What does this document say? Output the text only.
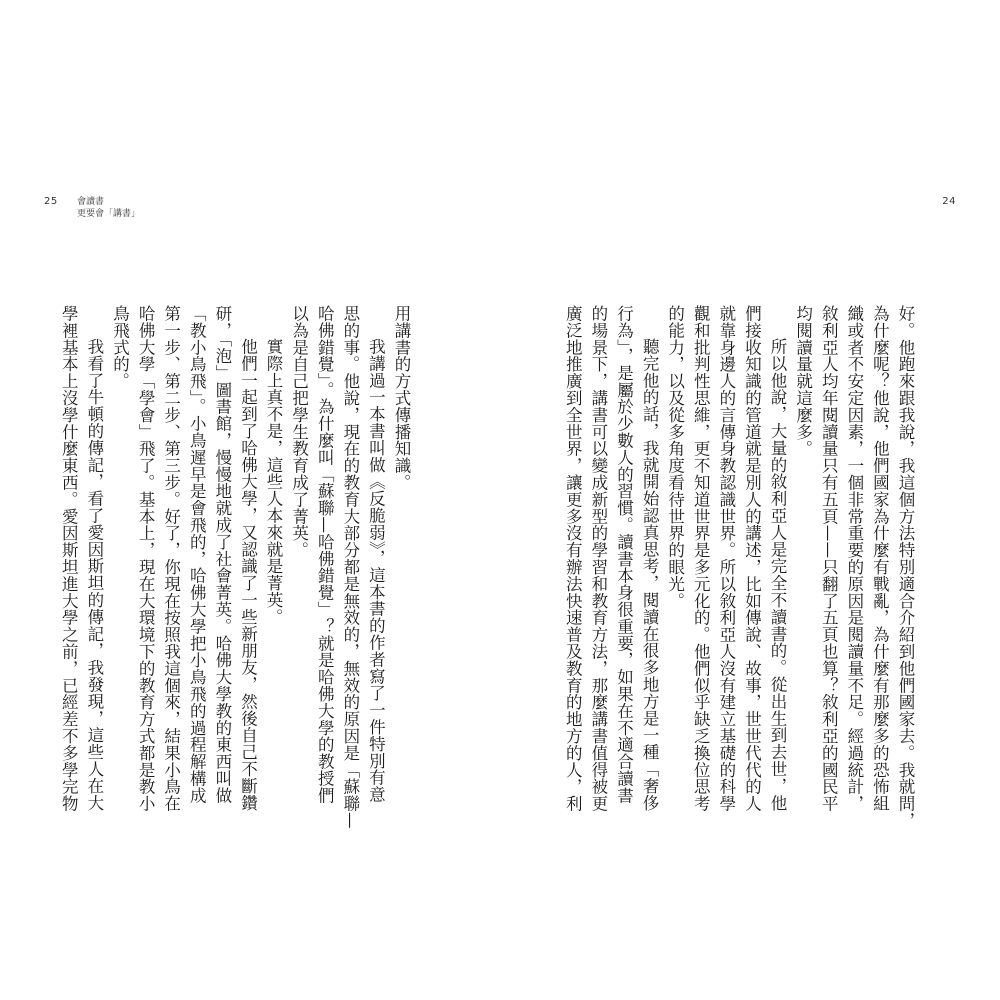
25 會讀書
更要會「講書」
用講書的方式傳播知識。
我講過一本書叫做《反脆弱》，這本書的作者寫了一件特別有意
思的事。他說，現在的教育大部分都是無效的，無效的原因是「蘇聯—
哈佛錯覺」。為什麼叫「蘇聯—哈佛錯覺」？就是哈佛大學的教授們
以為是自己把學生教育成了菁英。
實際上真不是，這些人本來就是菁英。
他們一起到了哈佛大學，又認識了一些新朋友，然後自己不斷鑽
研，「泡」圖書館，慢慢地就成了社會菁英。哈佛大學教的東西叫做
「教小鳥飛」。小鳥遲早是會飛的，哈佛大學把小鳥飛的過程解構成
第一步、第二步、第三步。好了，你現在按照我這個來，結果小鳥在
哈佛大學「學會」飛了。基本上，現在大環境下的教育方式都是教小
鳥飛式的。
我看了牛頓的傳記，看了愛因斯坦的傳記，我發現，這些人在大
學裡基本上沒學什麼東西。愛因斯坦進大學之前，已經差不多學完物
24
好。他跑來跟我說，我這個方法特別適合介紹到他們國家去。我就問，
為什麼呢？他說，他們國家為什麼有戰亂，為什麼有那麼多的恐怖組
織或者不安定因素，一個非常重要的原因是閱讀量不足。經過統計，
敘利亞人均年閱讀量只有五頁——只翻了五頁也算？敘利亞的國民平
均閱讀量就這麼多。
所以他說，大量的敘利亞人是完全不讀書的。從出生到去世，他
們接收知識的管道就是別人的講述，比如傳說、故事，世世代代的人
就靠身邊人的言傳身教認識世界。所以敘利亞人沒有建立基礎的科學
觀和批判性思維，更不知道世界是多元化的。他們似乎缺乏換位思考
的能力，以及從多角度看待世界的眼光。
聽完他的話，我就開始認真思考，閱讀在很多地方是一種「奢侈
行為」，是屬於少數人的習慣。讀書本身很重要，如果在不適合讀書
的場景下，講書可以變成新型的學習和教育方法，那麼講書值得被更
廣泛地推廣到全世界，讓更多沒有辦法快速普及教育的地方的人，利
